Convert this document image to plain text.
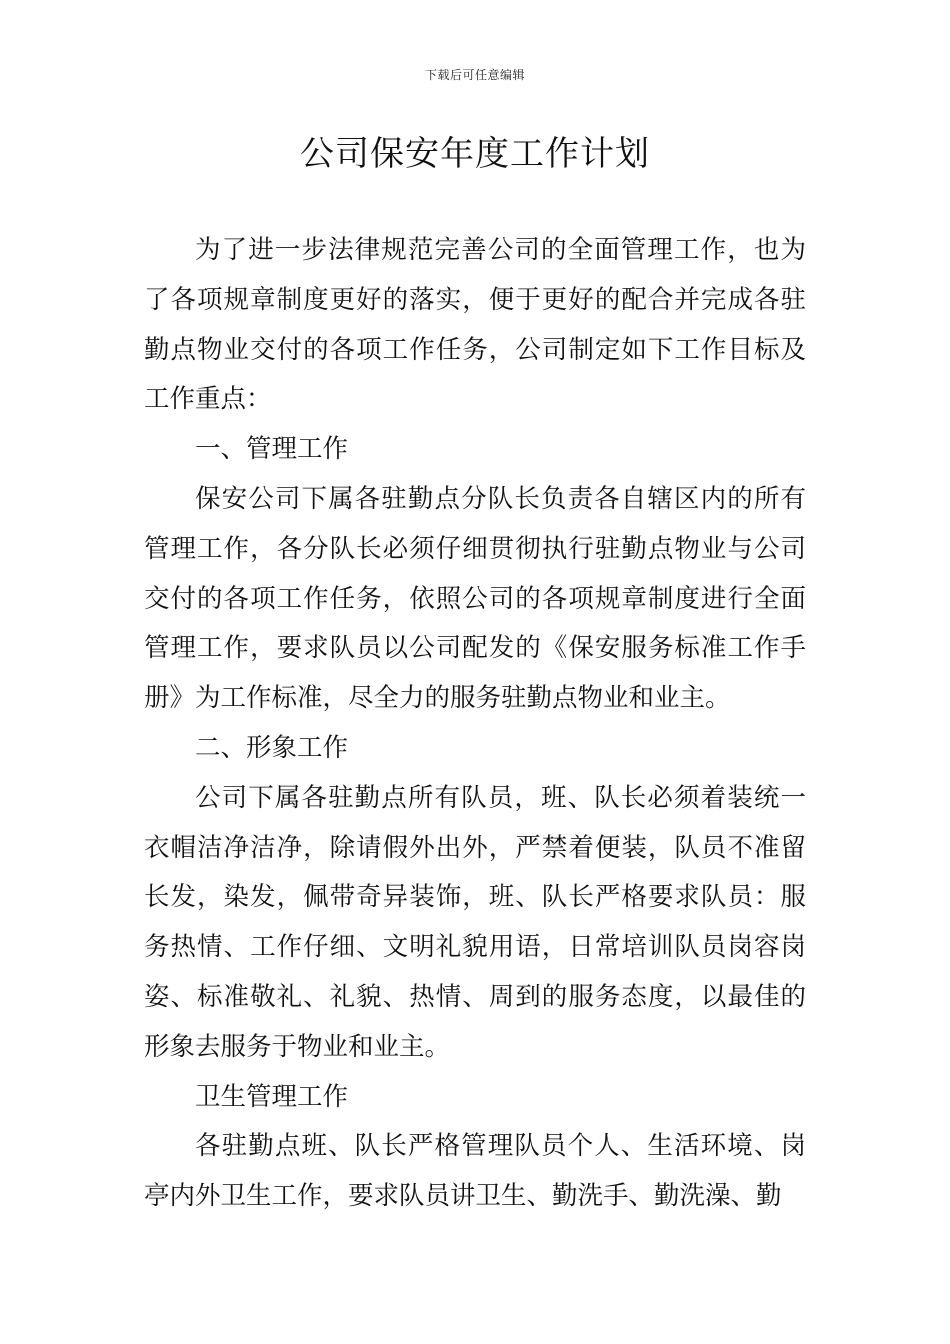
下载后可任意编辑
公司保安年度工作计划

为了进一步法律规范完善公司的全面管理工作，也为了各项规章制度更好的落实，便于更好的配合并完成各驻勤点物业交付的各项工作任务，公司制定如下工作目标及工作重点：

一、管理工作

保安公司下属各驻勤点分队长负责各自辖区内的所有管理工作，各分队长必须仔细贯彻执行驻勤点物业与公司交付的各项工作任务，依照公司的各项规章制度进行全面管理工作，要求队员以公司配发的《保安服务标准工作手册》为工作标准，尽全力的服务驻勤点物业和业主。

二、形象工作

公司下属各驻勤点所有队员，班、队长必须着装统一衣帽洁净洁净，除请假外出外，严禁着便装，队员不准留长发，染发，佩带奇异装饰，班、队长严格要求队员：服务热情、工作仔细、文明礼貌用语，日常培训队员岗容岗姿、标准敬礼、礼貌、热情、周到的服务态度，以最佳的形象去服务于物业和业主。

卫生管理工作

各驻勤点班、队长严格管理队员个人、生活环境、岗亭内外卫生工作，要求队员讲卫生、勤洗手、勤洗澡、勤
